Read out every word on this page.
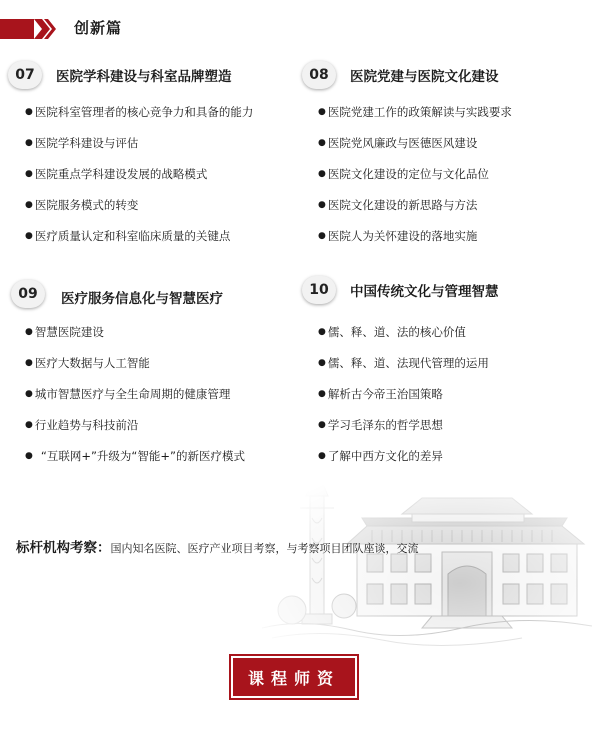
创新篇
07	医院学科建设与科室品牌塑造
● 医院科室管理者的核心竞争力和具备的能力
● 医院学科建设与评估
● 医院重点学科建设发展的战略模式
● 医院服务模式的转变
● 医疗质量认定和科室临床质量的关键点
08	医院党建与医院文化建设
● 医院党建工作的政策解读与实践要求
● 医院党风廉政与医德医风建设
● 医院文化建设的定位与文化品位
● 医院文化建设的新思路与方法
● 医院人为关怀建设的落地实施
09	医疗服务信息化与智慧医疗
● 智慧医院建设
● 医疗大数据与人工智能
● 城市智慧医疗与全生命周期的健康管理
● 行业趋势与科技前沿
● “互联网+”升级为“智能+”的新医疗模式
10	中国传统文化与管理智慧
● 儒、释、道、法的核心价值
● 儒、释、道、法现代管理的运用
● 解析古今帝王治国策略
● 学习毛泽东的哲学思想
● 了解中西方文化的差异
标杆机构考察：国内知名医院、医疗产业项目考察，与考察项目团队座谈，交流
课程师资
